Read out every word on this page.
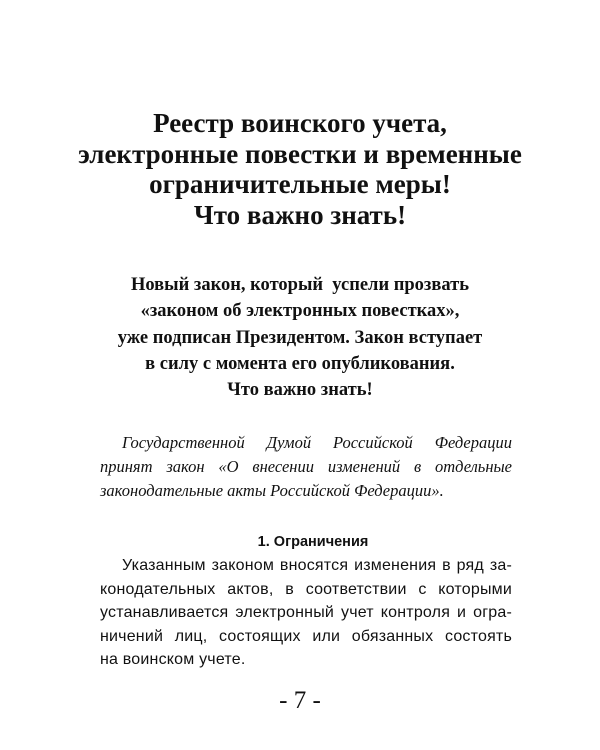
Реестр воинского учета,
электронные повестки и временные
ограничительные меры!
Что важно знать!
Новый закон, который  успели прозвать
«законом об электронных повестках»,
уже подписан Президентом. Закон вступает
в силу с момента его опубликования.
Что важно знать!
Государственной Думой Российской Федерации
принят закон «О внесении изменений в отдельные
законодательные акты Российской Федерации».
1. Ограничения
Указанным законом вносятся изменения в ряд за-
конодательных актов, в соответствии с которыми
устанавливается электронный учет контроля и огра-
ничений лиц, состоящих или обязанных состоять
на воинском учете.
- 7 -
